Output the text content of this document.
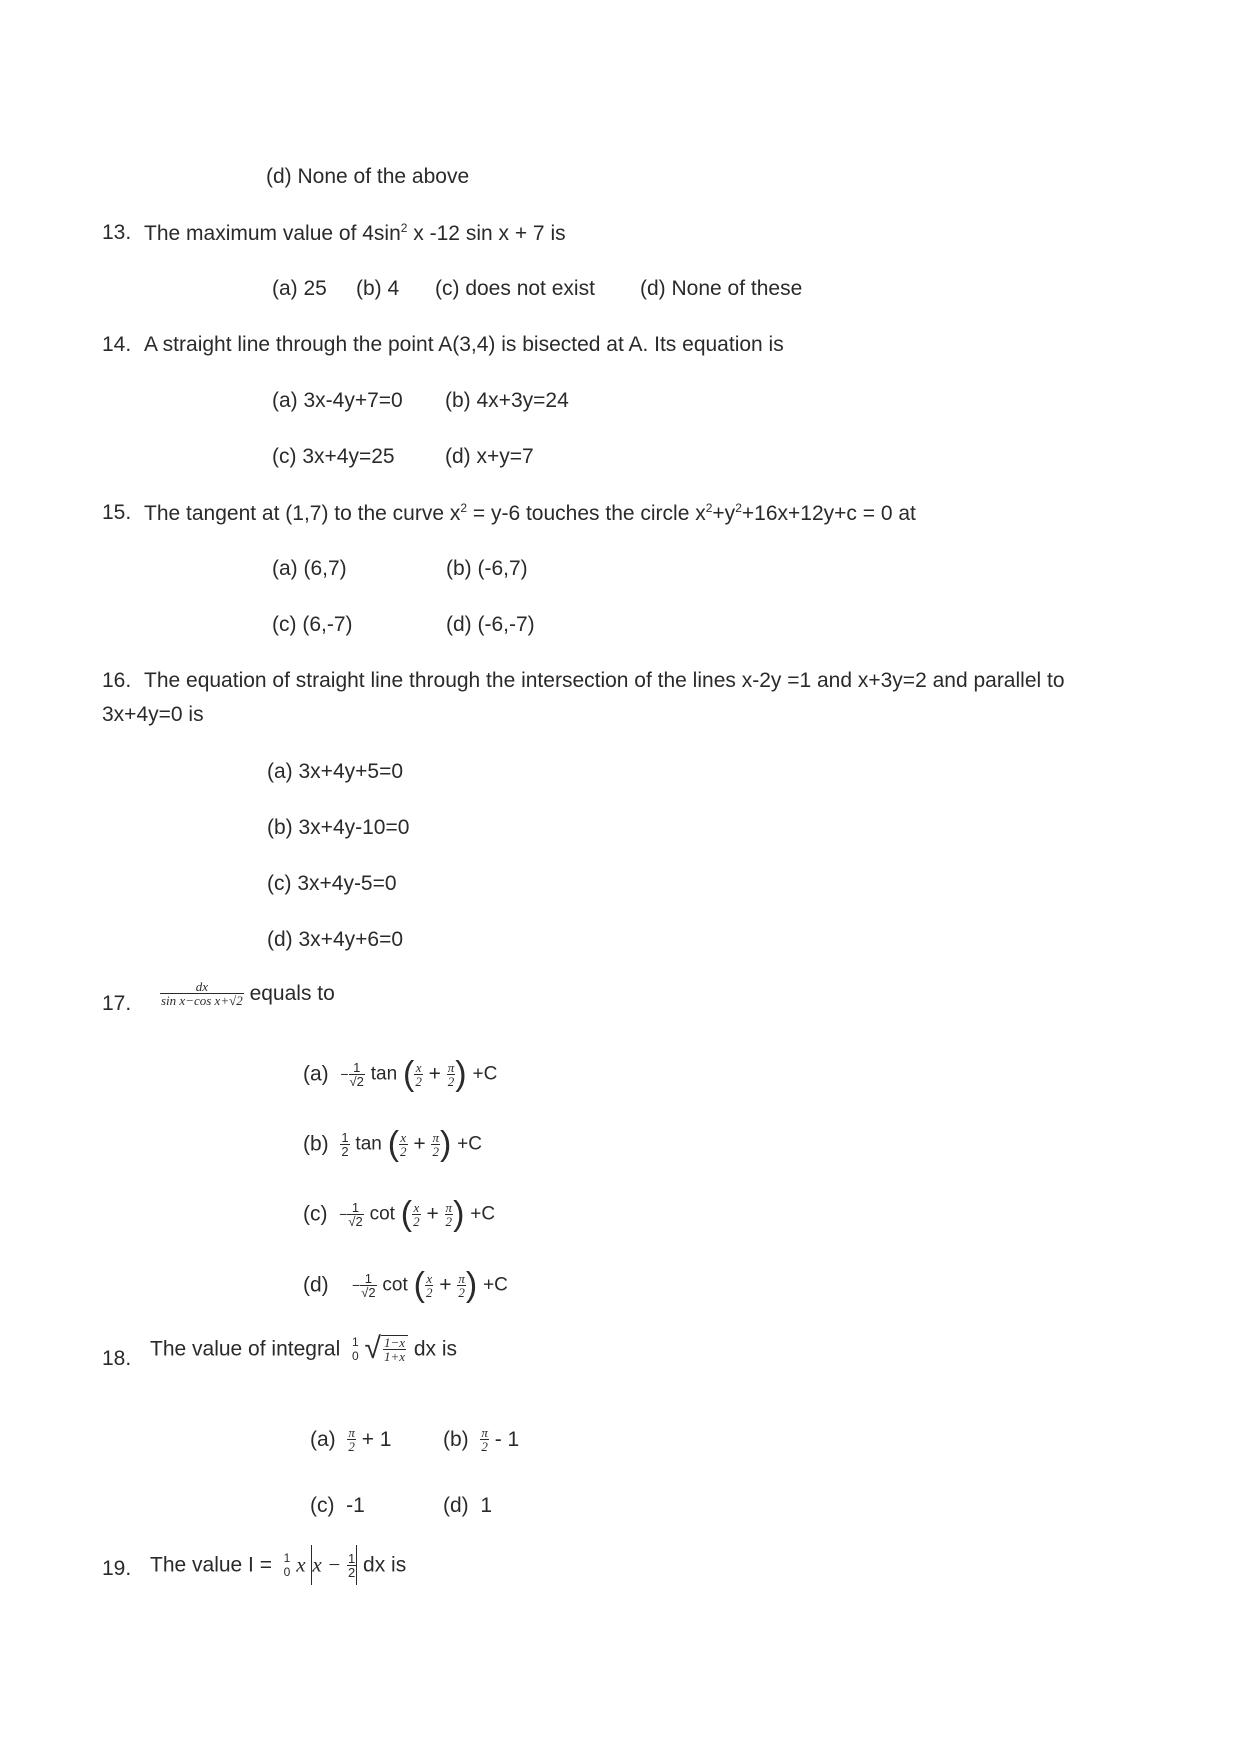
(d) None of the above
13. The maximum value of $4\sin^2$ x -12 sin x + 7 is
(a) 25 (b) 4 (c) does not exist (d) None of these
14. A straight line through the point A(3,4) is bisected at A. Its equation is
(a) 3x-4y+7=0 (b) 4x+3y=24
(c) 3x+4y=25 (d) x+y=7
15. The tangent at (1,7) to the curve $x^2 = y-6$ touches the circle $x^2+y^2+16x+12y+c = 0$ at
(a) (6,7)	(b) (-6,7)
(c) (6,-7)	(d) (-6,-7)
16. The equation of straight line through the intersection of the lines x-2y =1 and x+3y=2 and parallel to
3x+4y=0 is
(a) 3x+4y+5=0
(b) 3x+4y-10=0
(c) 3x+4y-5=0
(d) 3x+4y+6=0
17. $\frac{dx}{\text{sin x−cos x+√2}}$ equals to
$(a) - \frac{1}{√2}$ tan ( $\frac{x}{2} + \frac{\pi}{2}$ ) +C
$(b) \frac{1}{2}$ tan ( $\frac{x}{2} + \frac{\pi}{2}$ ) +C
$(c) - \frac{1}{√2}$ cot ( $\frac{x}{2} + \frac{\pi}{2}$ ) +C
$(d) - \frac{1}{√2}$ cot ( $\frac{x}{2} + \frac{\pi}{2}$ ) +C
18. The value of integral 1
0 √ $\frac{1-x}{1+x}$ dx is
$(a) \frac{\pi}{2} + 1$ $(b) \frac{\pi}{2} - 1$
(c) -1	(d) 1
19. The value I = 1
0 x $x - \frac{1}{2}$ dx is
